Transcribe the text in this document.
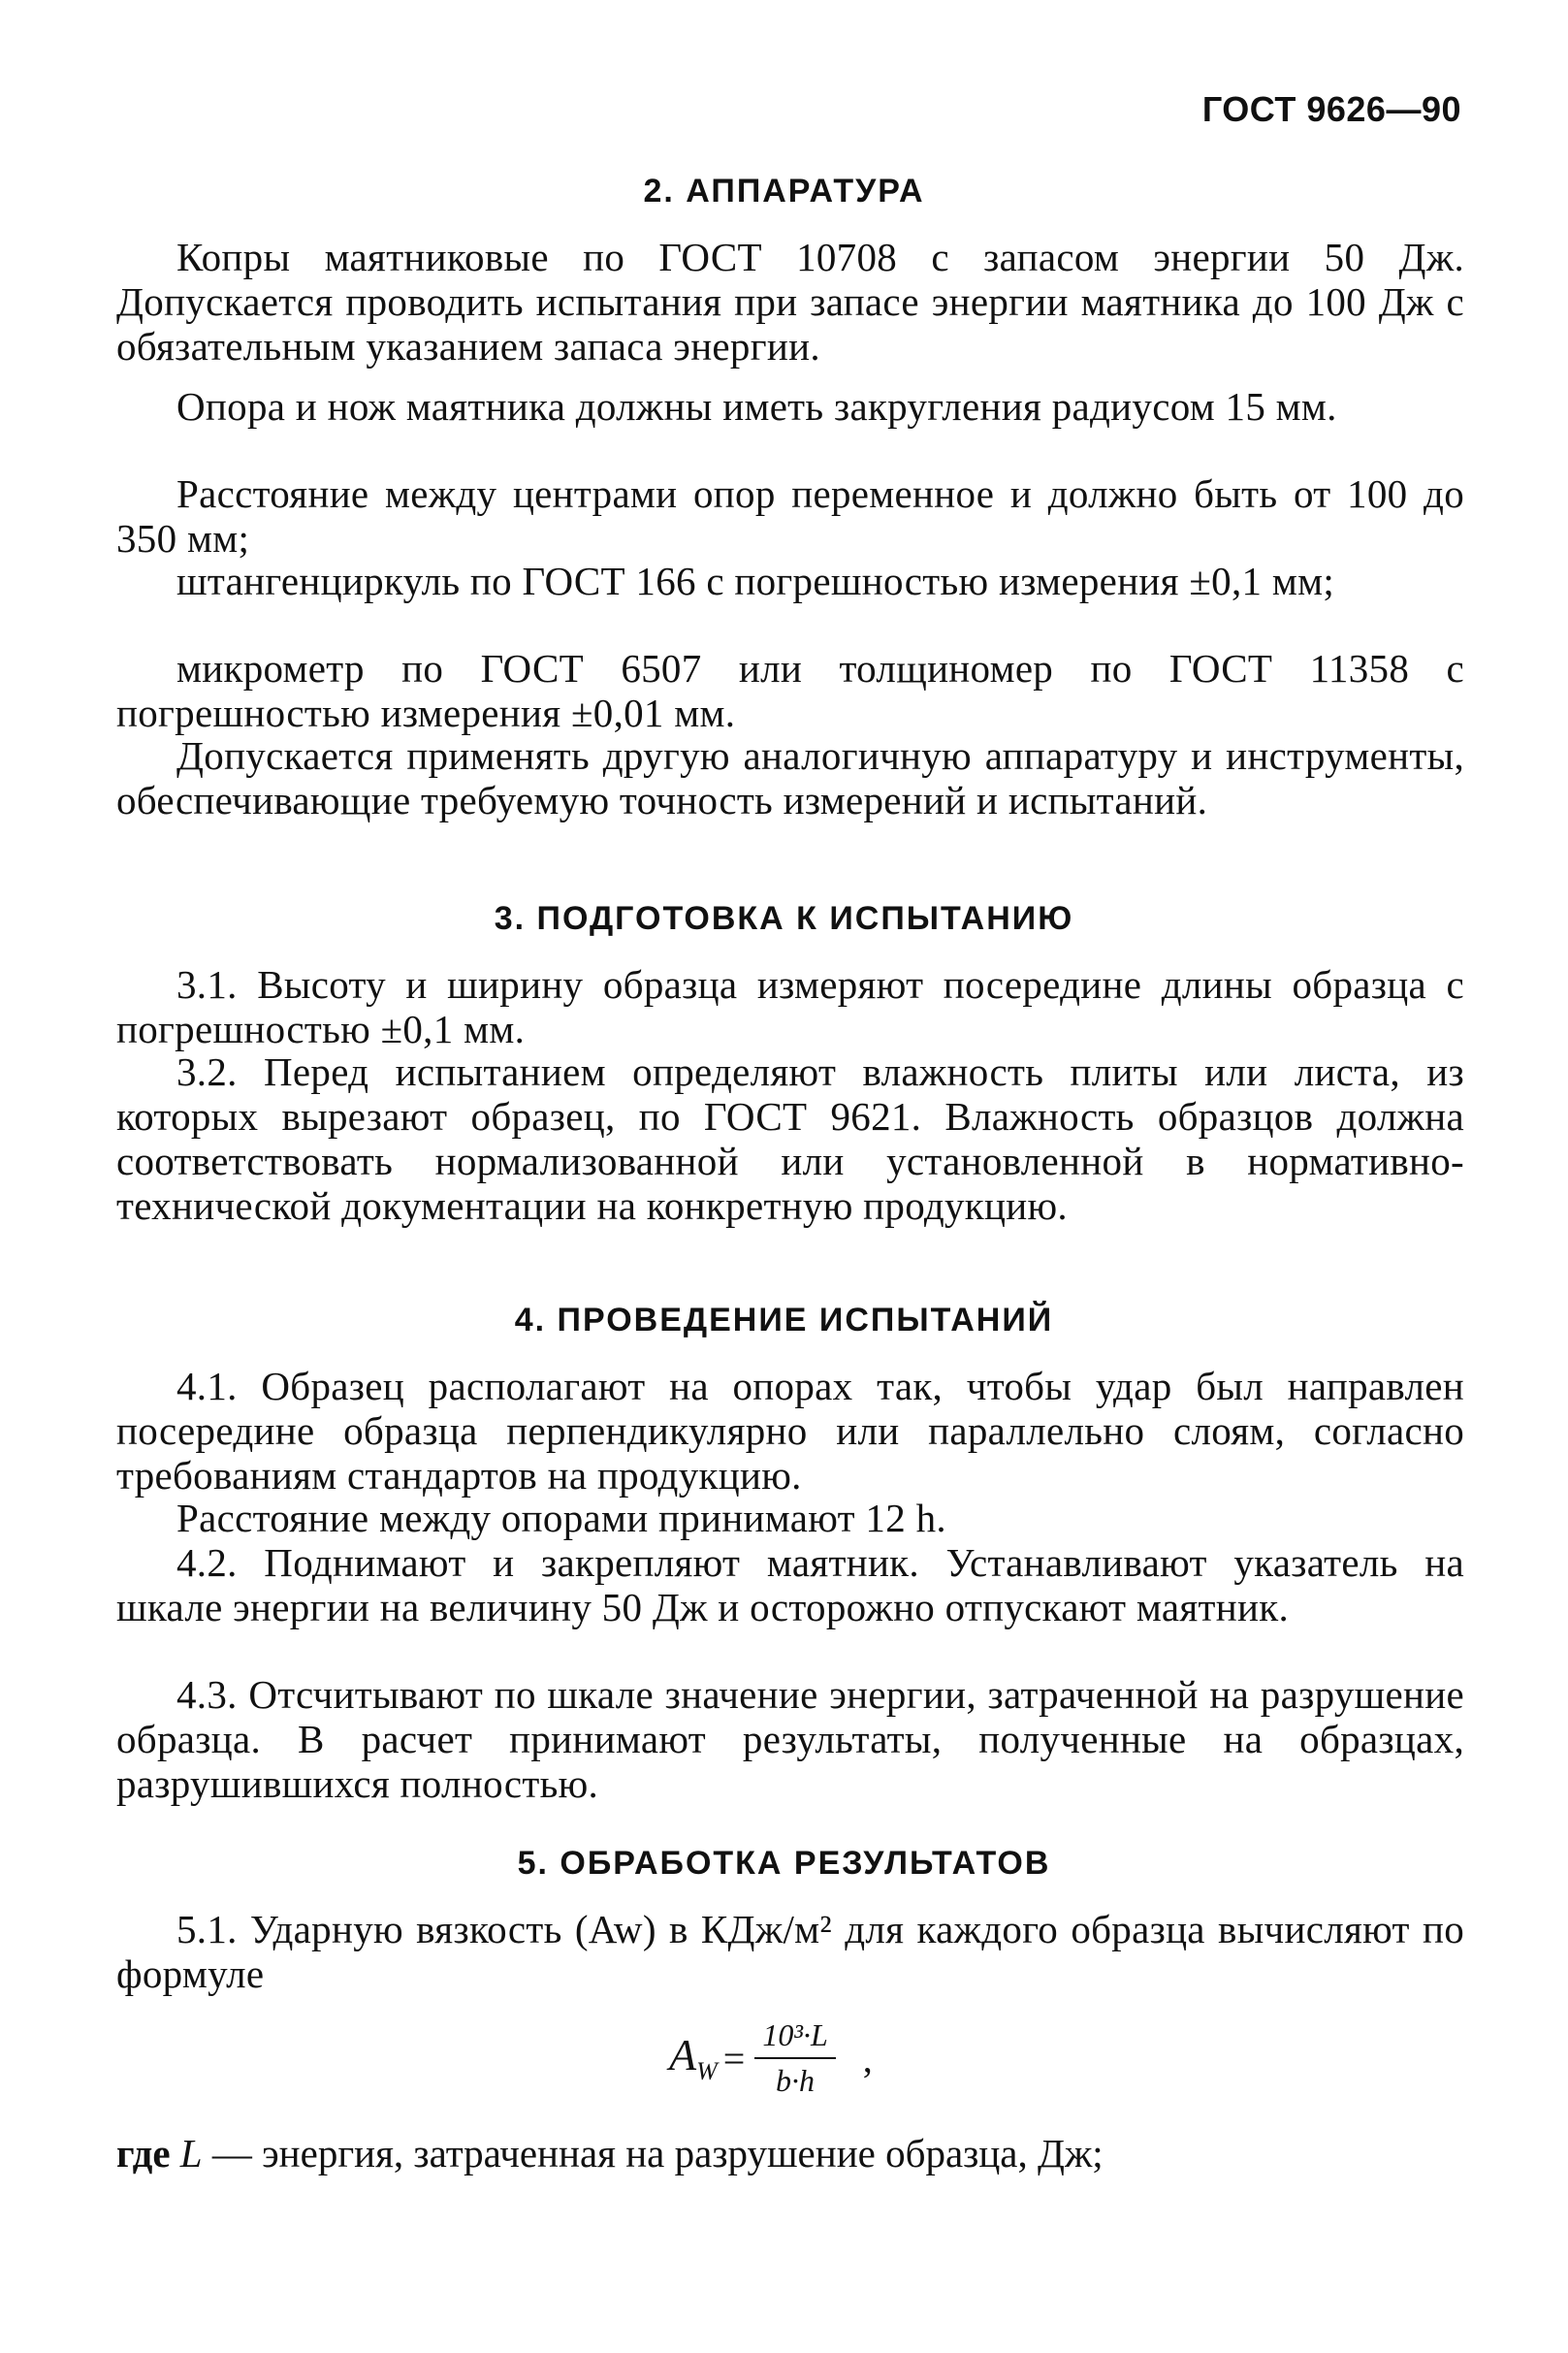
ГОСТ 9626—90
2. АППАРАТУРА

Копры маятниковые по ГОСТ 10708 с запасом энергии 50 Дж. Допускается проводить испытания при запасе энергии маятника до 100 Дж с обязательным указанием запаса энергии.

Опора и нож маятника должны иметь закругления радиусом 15 мм.

Расстояние между центрами опор переменное и должно быть от 100 до 350 мм;

штангенциркуль по ГОСТ 166 с погрешностью измерения ±0,1 мм;

микрометр по ГОСТ 6507 или толщиномер по ГОСТ 11358 с погрешностью измерения ±0,01 мм.

Допускается применять другую аналогичную аппаратуру и инструменты, обеспечивающие требуемую точность измерений и испытаний.

3. ПОДГОТОВКА К ИСПЫТАНИЮ

3.1. Высоту и ширину образца измеряют посередине длины образца с погрешностью ±0,1 мм.

3.2. Перед испытанием определяют влажность плиты или листа, из которых вырезают образец, по ГОСТ 9621. Влажность образцов должна соответствовать нормализованной или установленной в нормативно-технической документации на конкретную продукцию.

4. ПРОВЕДЕНИЕ ИСПЫТАНИЙ

4.1. Образец располагают на опорах так, чтобы удар был направлен посередине образца перпендикулярно или параллельно слоям, согласно требованиям стандартов на продукцию.

Расстояние между опорами принимают 12 h.

4.2. Поднимают и закрепляют маятник. Устанавливают указатель на шкале энергии на величину 50 Дж и осторожно отпускают маятник.

4.3. Отсчитывают по шкале значение энергии, затраченной на разрушение образца. В расчет принимают результаты, полученные на образцах, разрушившихся полностью.

5. ОБРАБОТКА РЕЗУЛЬТАТОВ

5.1. Ударную вязкость (Aw) в КДж/м² для каждого образца вычисляют по формуле

$A_W = \frac{\text{10³·L}}{b\cdot h}$ ,
где L — энергия, затраченная на разрушение образца, Дж;
